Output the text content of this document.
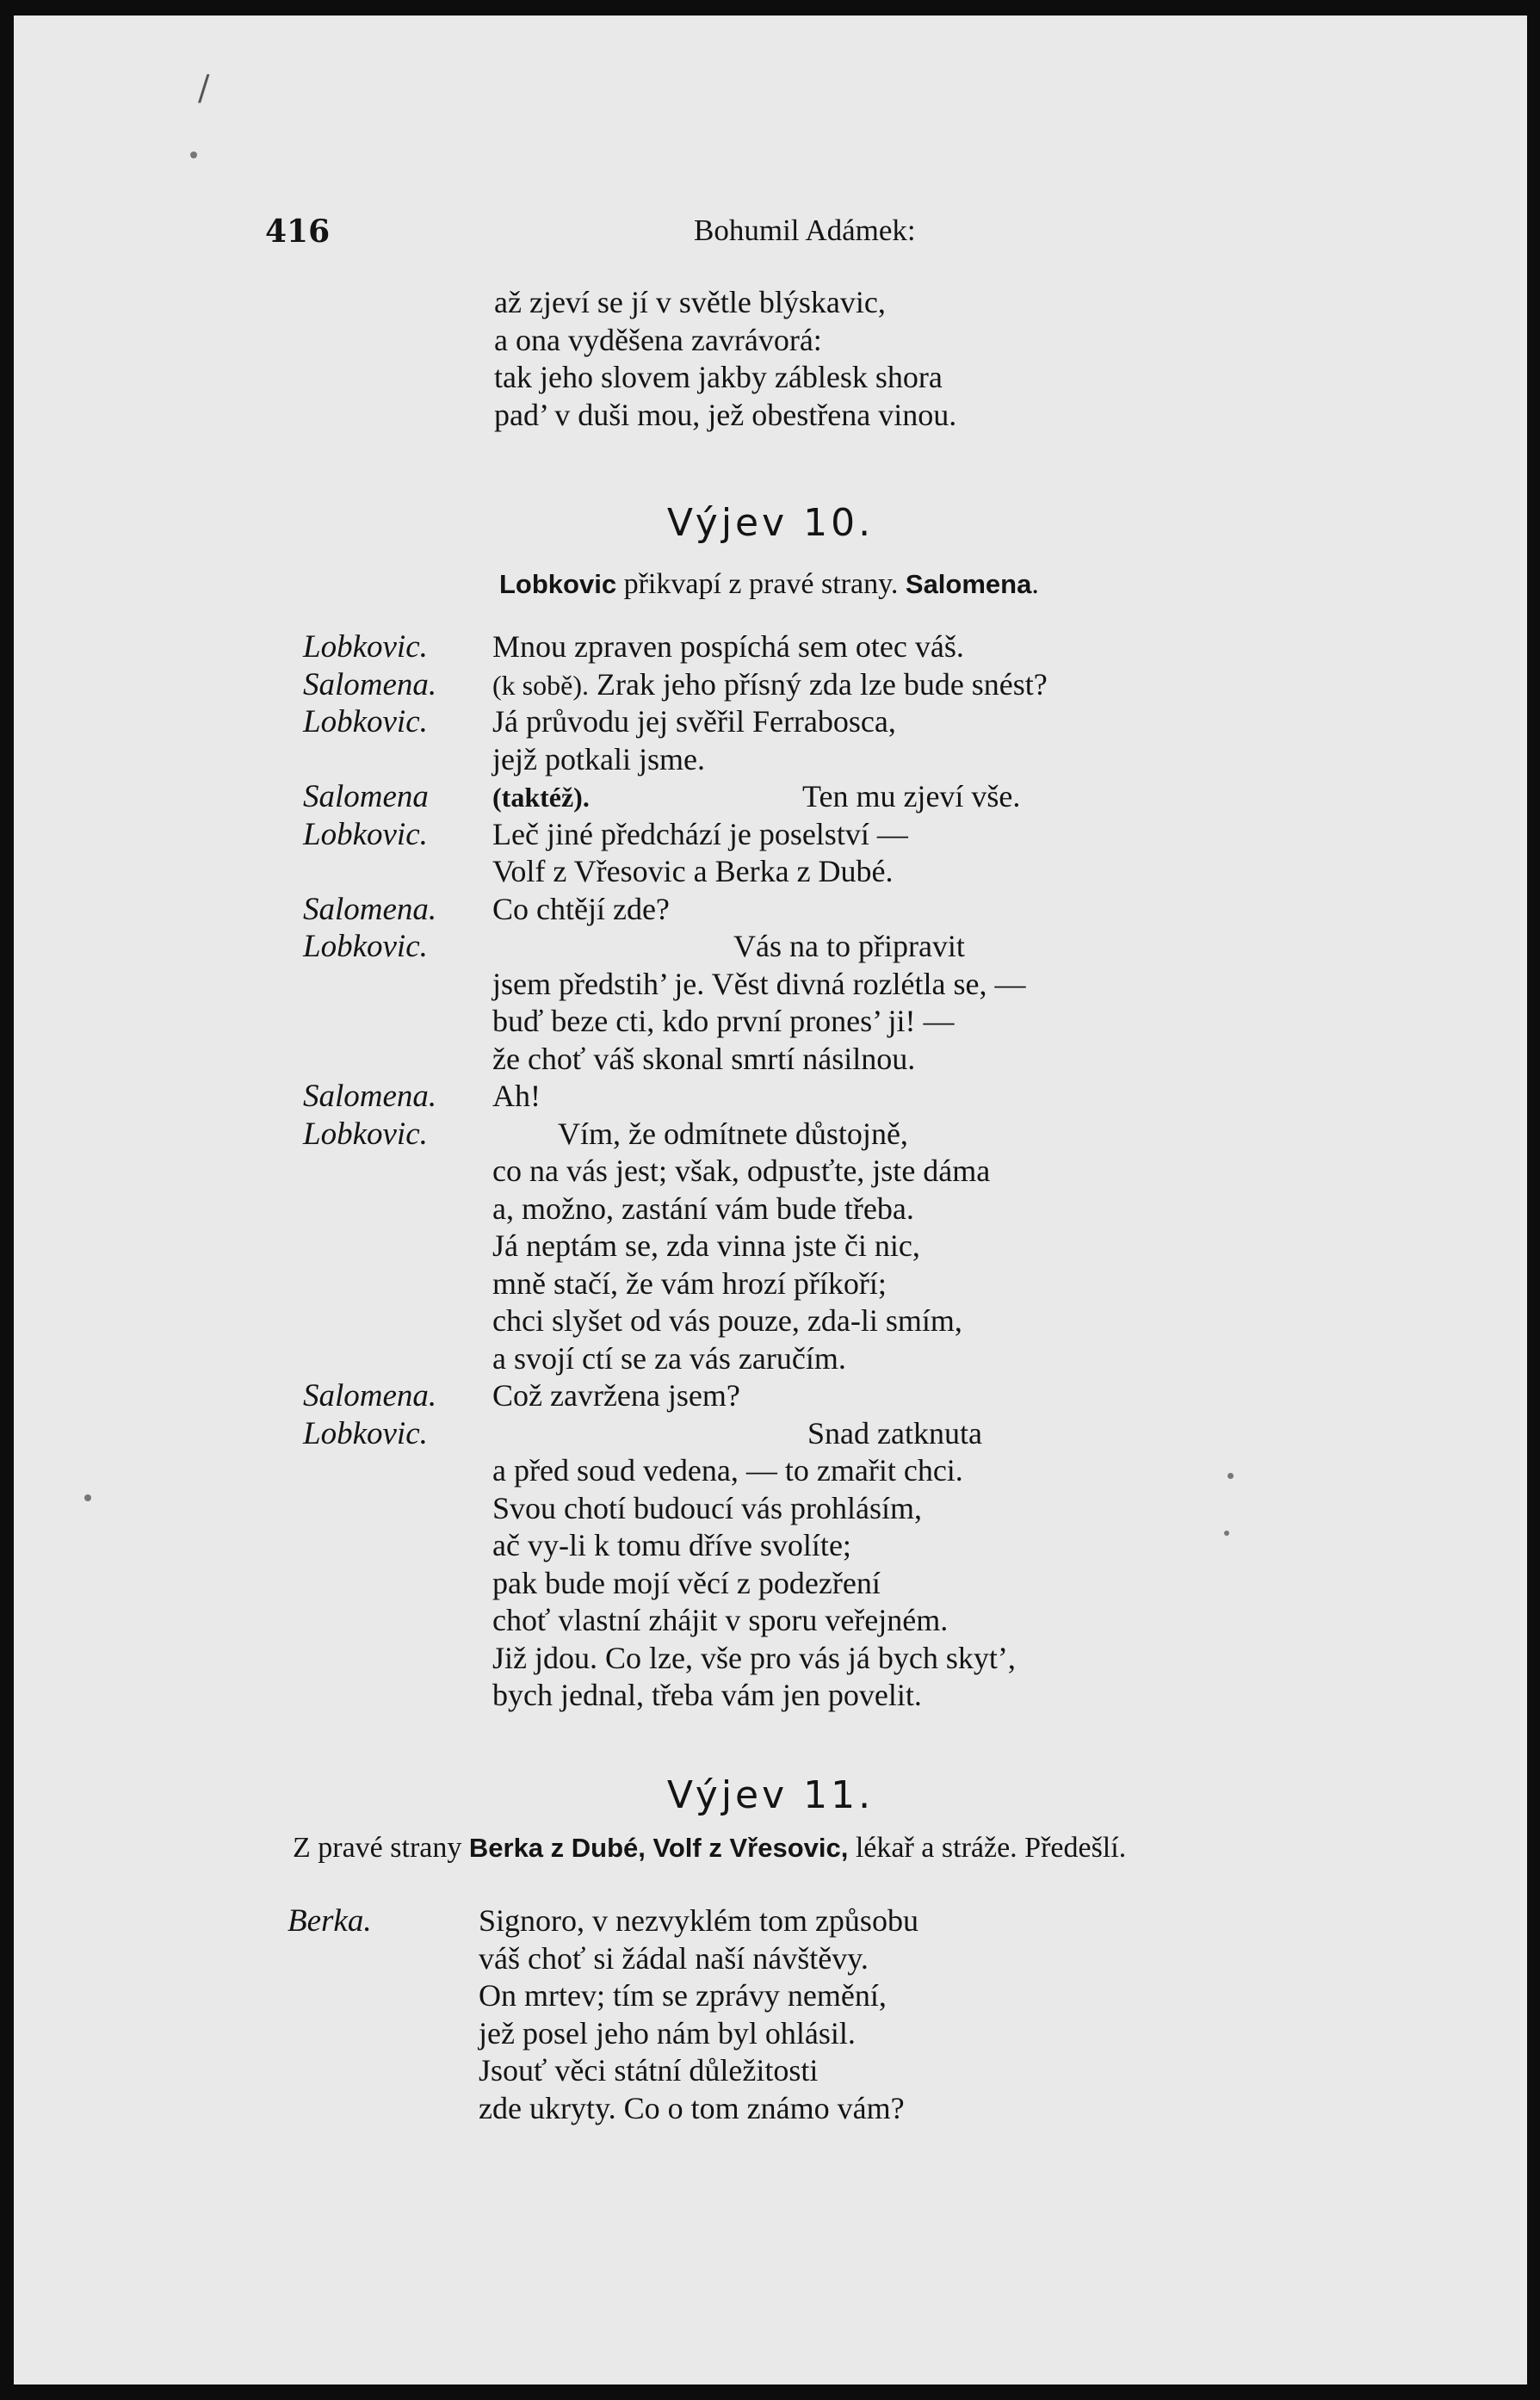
/
416	Bohumil Adámek:
až zjeví se jí v světle blýskavic,
a ona vyděšena zavrávorá:
tak jeho slovem jakby záblesk shora
pad’ v duši mou, jež obestřena vinou.
Výjev 10.
Lobkovic přikvapí z pravé strany. Salomena.
Lobkovic. Mnou zpraven pospíchá sem otec váš.
Salomena. (k sobě). Zrak jeho přísný zda lze bude snést?
Lobkovic. Já průvodu jej svěřil Ferrabosca,
jejž potkali jsme.
Salomena (taktéž).	Ten mu zjeví vše.
Lobkovic. Leč jiné předchází je poselství —
Volf z Vřesovic a Berka z Dubé.
Salomena. Co chtějí zde?
Lobkovic.	Vás na to připravit
jsem předstih’ je. Věst divná rozlétla se, —
buď beze cti, kdo první prones’ ji! —
že choť váš skonal smrtí násilnou.
Salomena. Ah!
Lobkovic.	Vím, že odmítnete důstojně,
co na vás jest; však, odpusťte, jste dáma
a, možno, zastání vám bude třeba.
Já neptám se, zda vinna jste či nic,
mně stačí, že vám hrozí příkoří;
chci slyšet od vás pouze, zda-li smím,
a svojí ctí se za vás zaručím.
Salomena. Což zavržena jsem?
Lobkovic.	Snad zatknuta
a před soud vedena, — to zmařit chci.
Svou chotí budoucí vás prohlásím,
ač vy-li k tomu dříve svolíte;
pak bude mojí věcí z podezření
choť vlastní zhájit v sporu veřejném.
Již jdou. Co lze, vše pro vás já bych skyt’,
bych jednal, třeba vám jen povelit.
Výjev 11.
Z pravé strany Berka z Dubé, Volf z Vřesovic, lékař a stráže. Předešlí.
Berka.	Signoro, v nezvyklém tom způsobu
váš choť si žádal naší návštěvy.
On mrtev; tím se zprávy nemění,
jež posel jeho nám byl ohlásil.
Jsouť věci státní důležitosti
zde ukryty. Co o tom známo vám?
